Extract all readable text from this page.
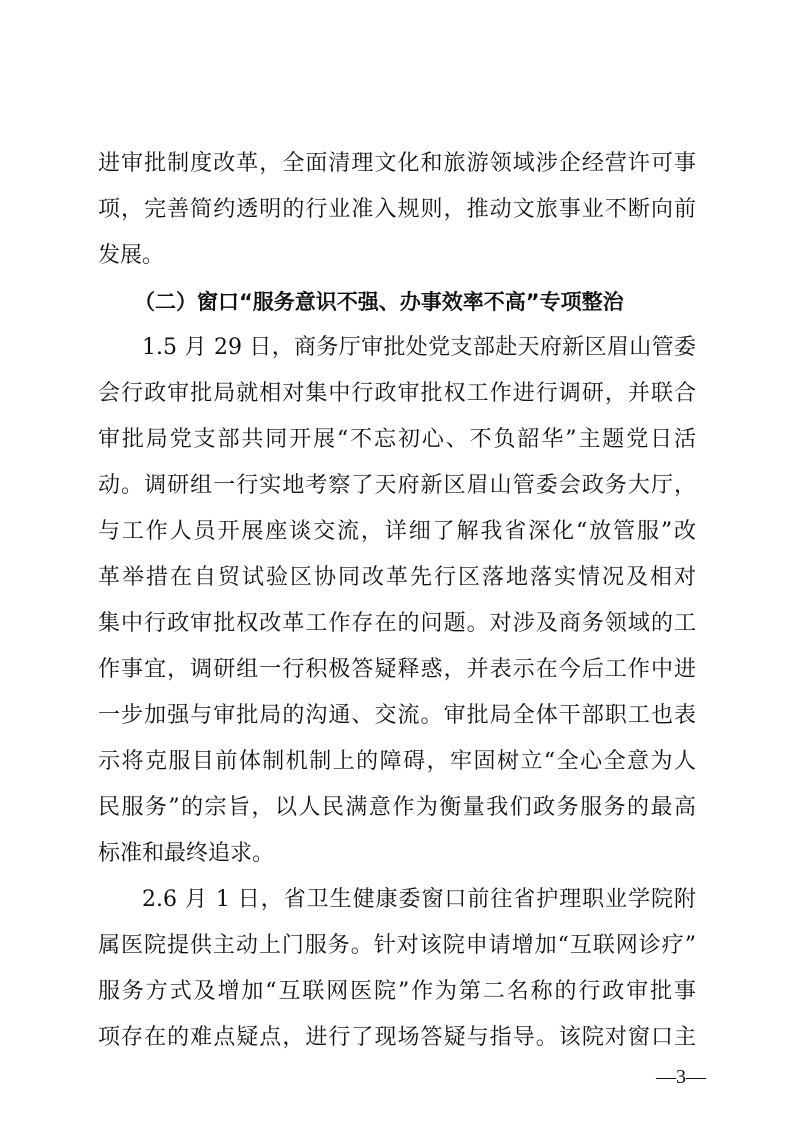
进审批制度改革，全面清理文化和旅游领域涉企经营许可事
项，完善简约透明的行业准入规则，推动文旅事业不断向前
发展。
（二）窗口“服务意识不强、办事效率不高”专项整治
1.5 月 29 日，商务厅审批处党支部赴天府新区眉山管委
会行政审批局就相对集中行政审批权工作进行调研，并联合
审批局党支部共同开展“不忘初心、不负韶华”主题党日活
动。调研组一行实地考察了天府新区眉山管委会政务大厅，
与工作人员开展座谈交流，详细了解我省深化“放管服”改
革举措在自贸试验区协同改革先行区落地落实情况及相对
集中行政审批权改革工作存在的问题。对涉及商务领域的工
作事宜，调研组一行积极答疑释惑，并表示在今后工作中进
一步加强与审批局的沟通、交流。审批局全体干部职工也表
示将克服目前体制机制上的障碍，牢固树立“全心全意为人
民服务”的宗旨，以人民满意作为衡量我们政务服务的最高
标准和最终追求。
2.6 月 1 日，省卫生健康委窗口前往省护理职业学院附
属医院提供主动上门服务。针对该院申请增加“互联网诊疗”
服务方式及增加“互联网医院”作为第二名称的行政审批事
项存在的难点疑点，进行了现场答疑与指导。该院对窗口主
—3—
